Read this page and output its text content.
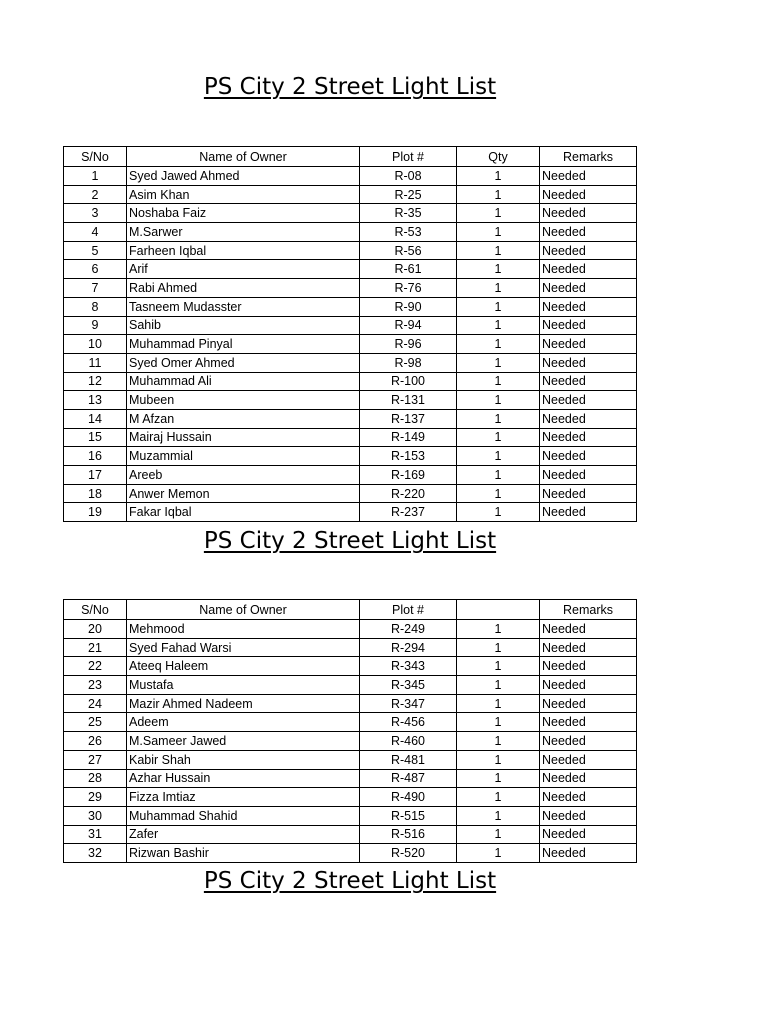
PS City 2 Street Light List
S/No	Name of Owner	Plot #	Qty	Remarks
1	Syed Jawed Ahmed	R-08	1	Needed
2	Asim Khan	R-25	1	Needed
3	Noshaba Faiz	R-35	1	Needed
4	M.Sarwer	R-53	1	Needed
5	Farheen Iqbal	R-56	1	Needed
6	Arif	R-61	1	Needed
7	Rabi Ahmed	R-76	1	Needed
8	Tasneem Mudasster	R-90	1	Needed
9	Sahib	R-94	1	Needed
10	Muhammad Pinyal	R-96	1	Needed
11	Syed Omer Ahmed	R-98	1	Needed
12	Muhammad Ali	R-100	1	Needed
13	Mubeen	R-131	1	Needed
14	M Afzan	R-137	1	Needed
15	Mairaj Hussain	R-149	1	Needed
16	Muzammial	R-153	1	Needed
17	Areeb	R-169	1	Needed
18	Anwer Memon	R-220	1	Needed
19	Fakar Iqbal	R-237	1	Needed
PS City 2 Street Light List
S/No	Name of Owner	Plot #		Remarks
20	Mehmood	R-249	1	Needed
21	Syed Fahad Warsi	R-294	1	Needed
22	Ateeq Haleem	R-343	1	Needed
23	Mustafa	R-345	1	Needed
24	Mazir Ahmed Nadeem	R-347	1	Needed
25	Adeem	R-456	1	Needed
26	M.Sameer Jawed	R-460	1	Needed
27	Kabir Shah	R-481	1	Needed
28	Azhar Hussain	R-487	1	Needed
29	Fizza Imtiaz	R-490	1	Needed
30	Muhammad Shahid	R-515	1	Needed
31	Zafer	R-516	1	Needed
32	Rizwan Bashir	R-520	1	Needed
PS City 2 Street Light List
